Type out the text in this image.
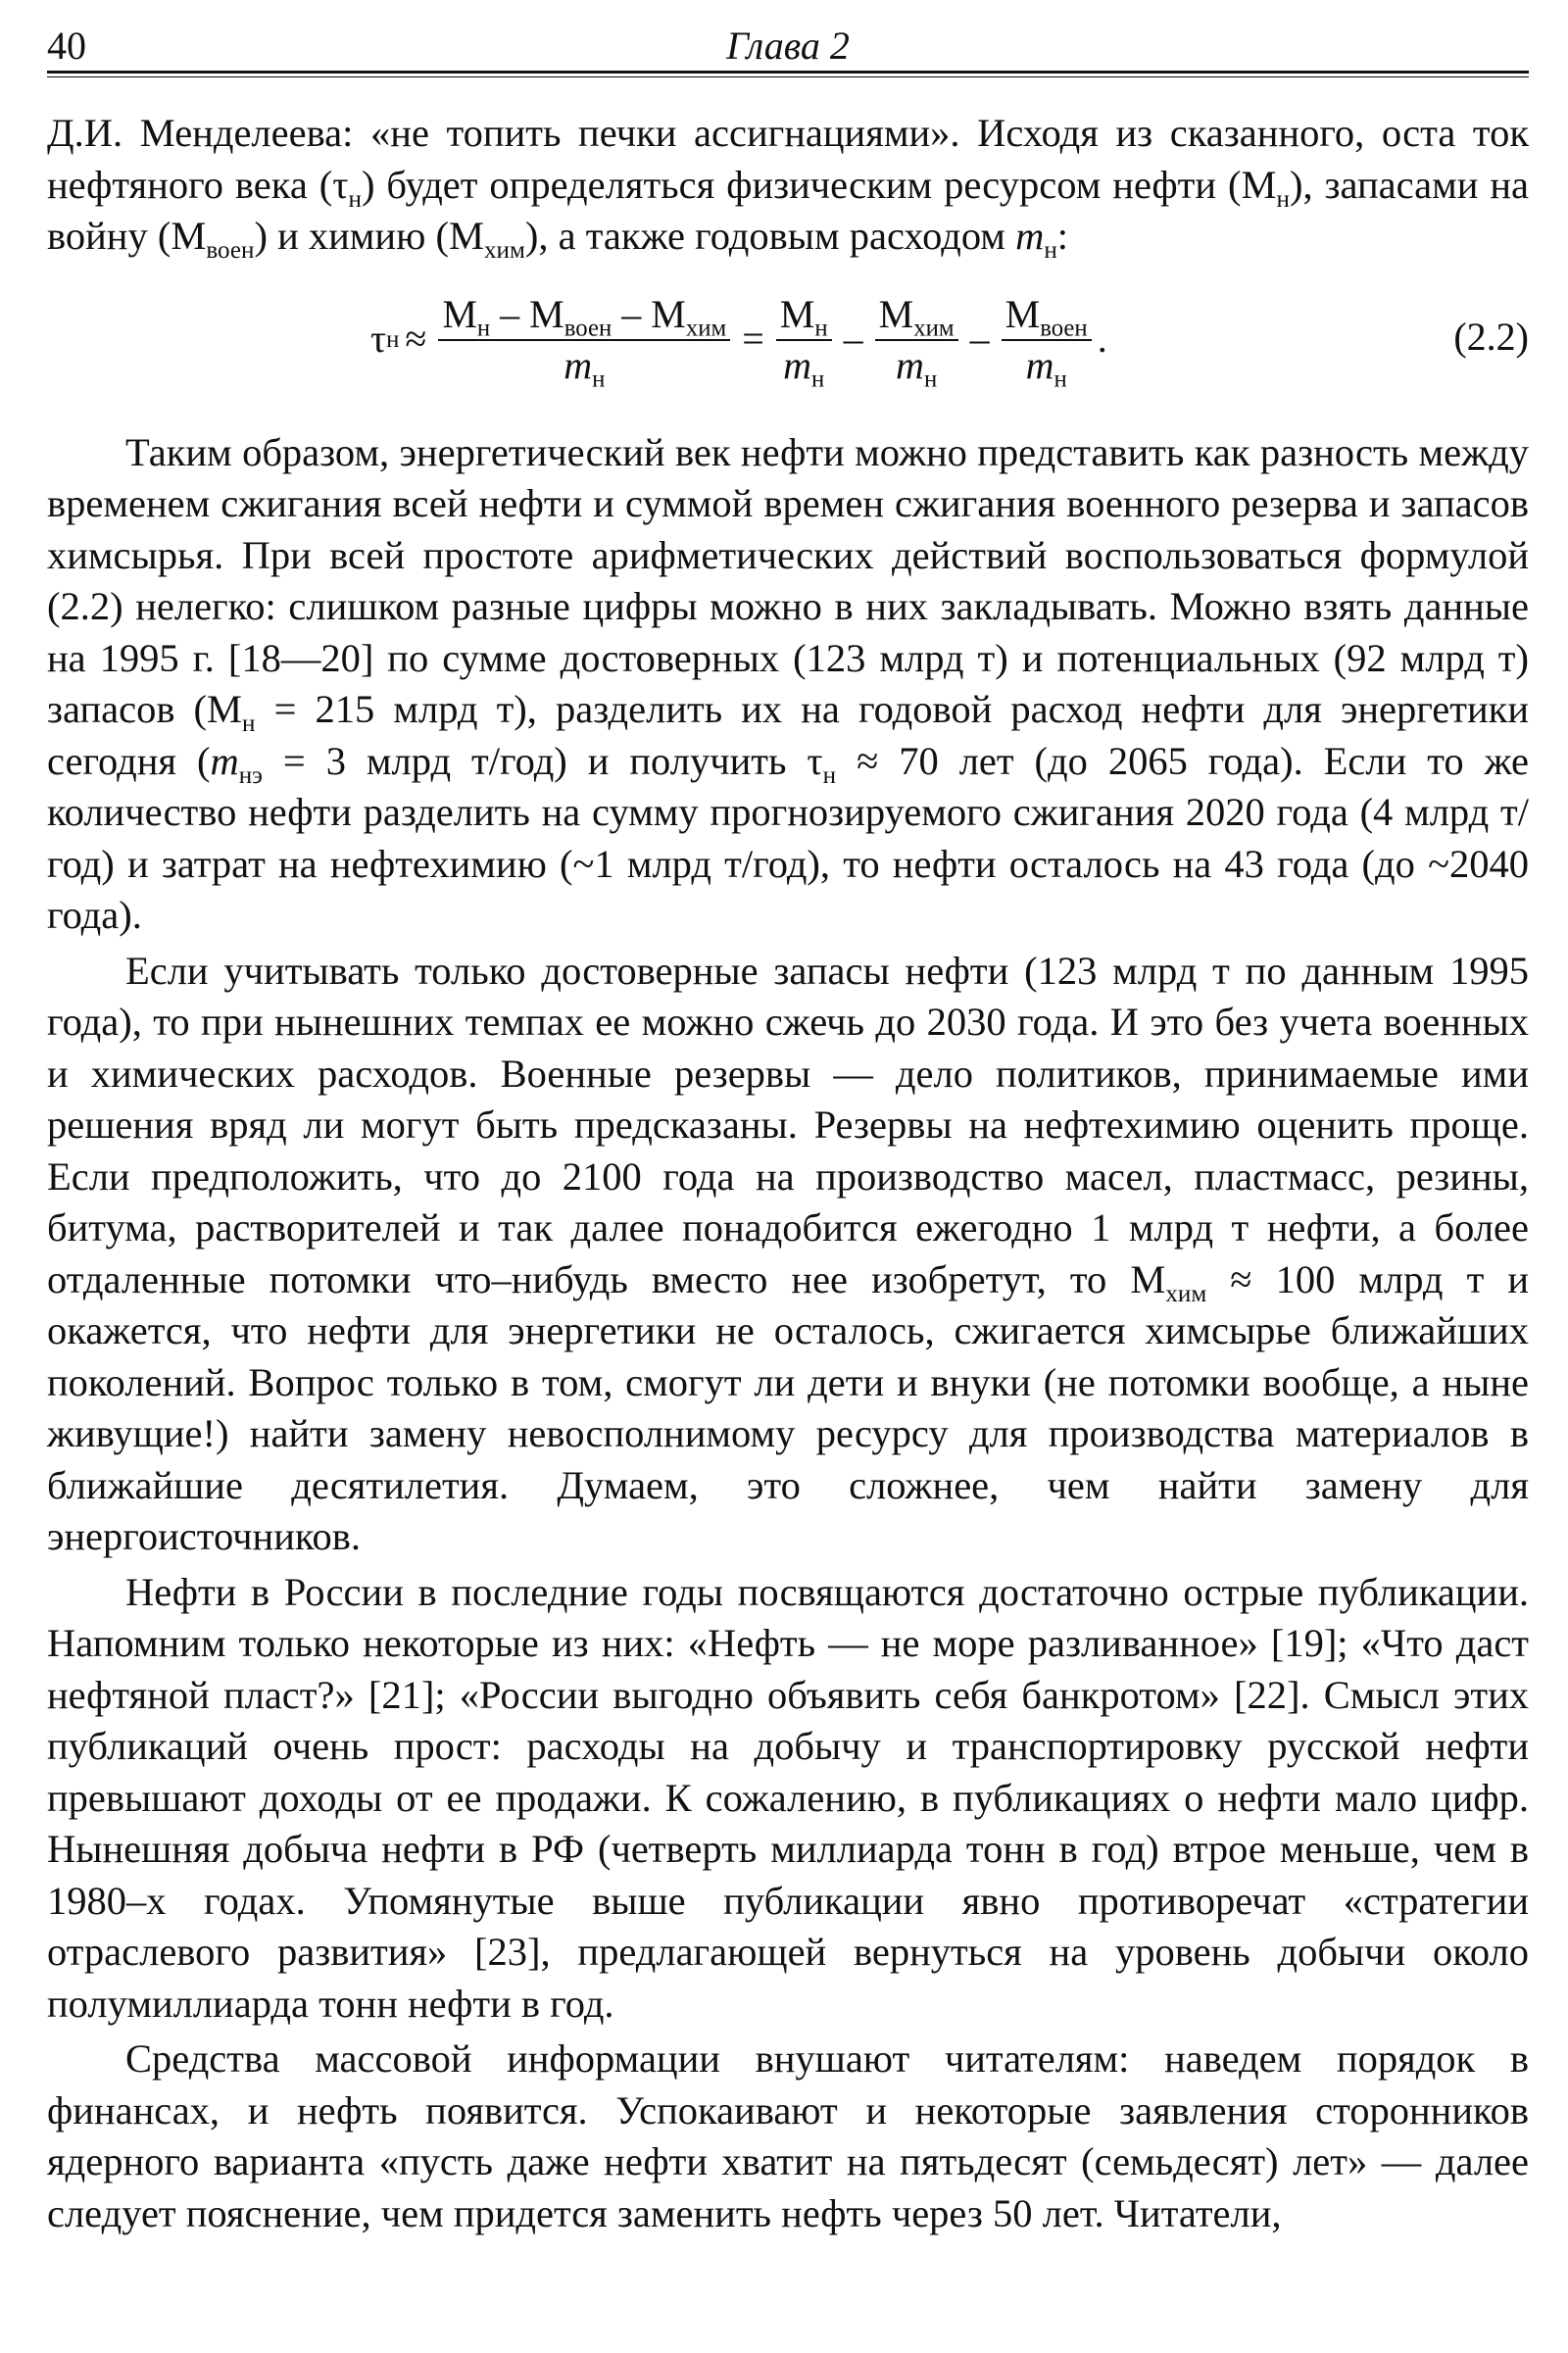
40	Глава 2

Д.И. Менделеева: «не топить печки ассигнациями». Исходя из сказанного, оста ток нефтяного века $(\tau_н)$ будет определяться физическим ресурсом нефти $(М_н)$, запасами на войну $(М_{воен})$ и химию $(М_{хим})$, а также годовым расходом $m_н$:

τ $н \approx \frac{М_н - М_{воен} - М_{хим}}{m_н} = \frac{М_н}{m_н} - \frac{М_{хим}}{m_н} - \frac{М_{воен}}{m_н}$ .	(2.2)

Таким образом, энергетический век нефти можно представить как разность между временем сжигания всей нефти и суммой времен сжигания военного резерва и запасов химсырья. При всей простоте арифметических действий воспользоваться формулой (2.2) нелегко: слишком разные цифры можно в них закладывать. Можно взять данные на 1995 г. [18—20] по сумме достоверных (123 млрд т) и потенциальных (92 млрд т) запасов ($М_н = 215$ млрд т), разделить их на годовой расход нефти для энергетики сегодня ($m_{нэ} = 3$ млрд т/год) и получить $\tau_н \approx 70$ лет (до 2065 года). Если то же количество нефти разделить на сумму прогнозируемого сжигания 2020 года (4 млрд т/год) и затрат на нефтехимию (~1 млрд т/год), то нефти осталось на 43 года (до ~2040 года).

Если учитывать только достоверные запасы нефти (123 млрд т по данным 1995 года), то при нынешних темпах ее можно сжечь до 2030 года. И это без учета военных и химических расходов. Военные резервы — дело политиков, принимаемые ими решения вряд ли могут быть предсказаны. Резервы на нефтехимию оценить проще. Если предположить, что до 2100 года на производство масел, пластмасс, резины, битума, растворителей и так далее понадобится ежегодно 1 млрд т нефти, а более отдаленные потомки что–нибудь вместо нее изобретут, то $М_{хим} \approx 100$ млрд т и окажется, что нефти для энергетики не осталось, сжигается химсырье ближайших поколений. Вопрос только в том, смогут ли дети и внуки (не потомки вообще, а ныне живущие!) найти замену невосполнимому ресурсу для производства материалов в ближайшие десятилетия. Думаем, это сложнее, чем найти замену для энергоисточников.

Нефти в России в последние годы посвящаются достаточно острые публикации. Напомним только некоторые из них: «Нефть — не море разливанное» [19]; «Что даст нефтяной пласт?» [21]; «России выгодно объявить себя банкротом» [22]. Смысл этих публикаций очень прост: расходы на добычу и транспортировку русской нефти превышают доходы от ее продажи. К сожалению, в публикациях о нефти мало цифр. Нынешняя добыча нефти в РФ (четверть миллиарда тонн в год) втрое меньше, чем в 1980–х годах. Упомянутые выше публикации явно противоречат «стратегии отраслевого развития» [23], предлагающей вернуться на уровень добычи около полумиллиарда тонн нефти в год.

Средства массовой информации внушают читателям: наведем порядок в финансах, и нефть появится. Успокаивают и некоторые заявления сторонников ядерного варианта «пусть даже нефти хватит на пятьдесят (семьдесят) лет» — далее следует пояснение, чем придется заменить нефть через 50 лет. Читатели,
